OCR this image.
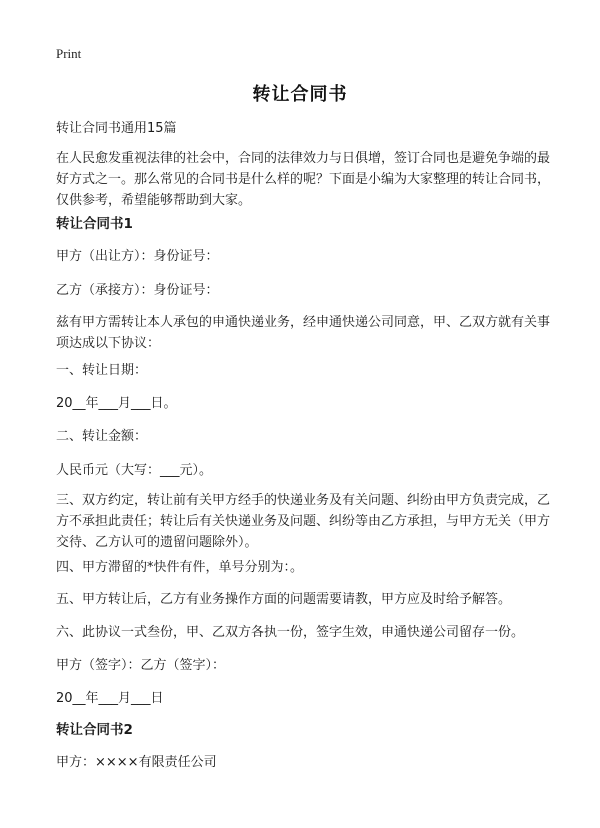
Print
转让合同书
转让合同书通用15篇
在人民愈发重视法律的社会中，合同的法律效力与日俱增，签订合同也是避免争端的最好方式之一。那么常见的合同书是什么样的呢？下面是小编为大家整理的转让合同书，仅供参考，希望能够帮助到大家。
转让合同书1
甲方（出让方）：身份证号：
乙方（承接方）：身份证号：
兹有甲方需转让本人承包的申通快递业务，经申通快递公司同意，甲、乙双方就有关事项达成以下协议：
一、转让日期：
20__年___月___日。
二、转让金额：
人民币元（大写：___元）。
三、双方约定，转让前有关甲方经手的快递业务及有关问题、纠纷由甲方负责完成，乙方不承担此责任；转让后有关快递业务及问题、纠纷等由乙方承担，与甲方无关（甲方交待、乙方认可的遗留问题除外）。
四、甲方滞留的*快件有件，单号分别为：。
五、甲方转让后，乙方有业务操作方面的问题需要请教，甲方应及时给予解答。
六、此协议一式叁份，甲、乙双方各执一份，签字生效，申通快递公司留存一份。
甲方（签字）：乙方（签字）：
20__年___月___日
转让合同书2
甲方：××××有限责任公司
